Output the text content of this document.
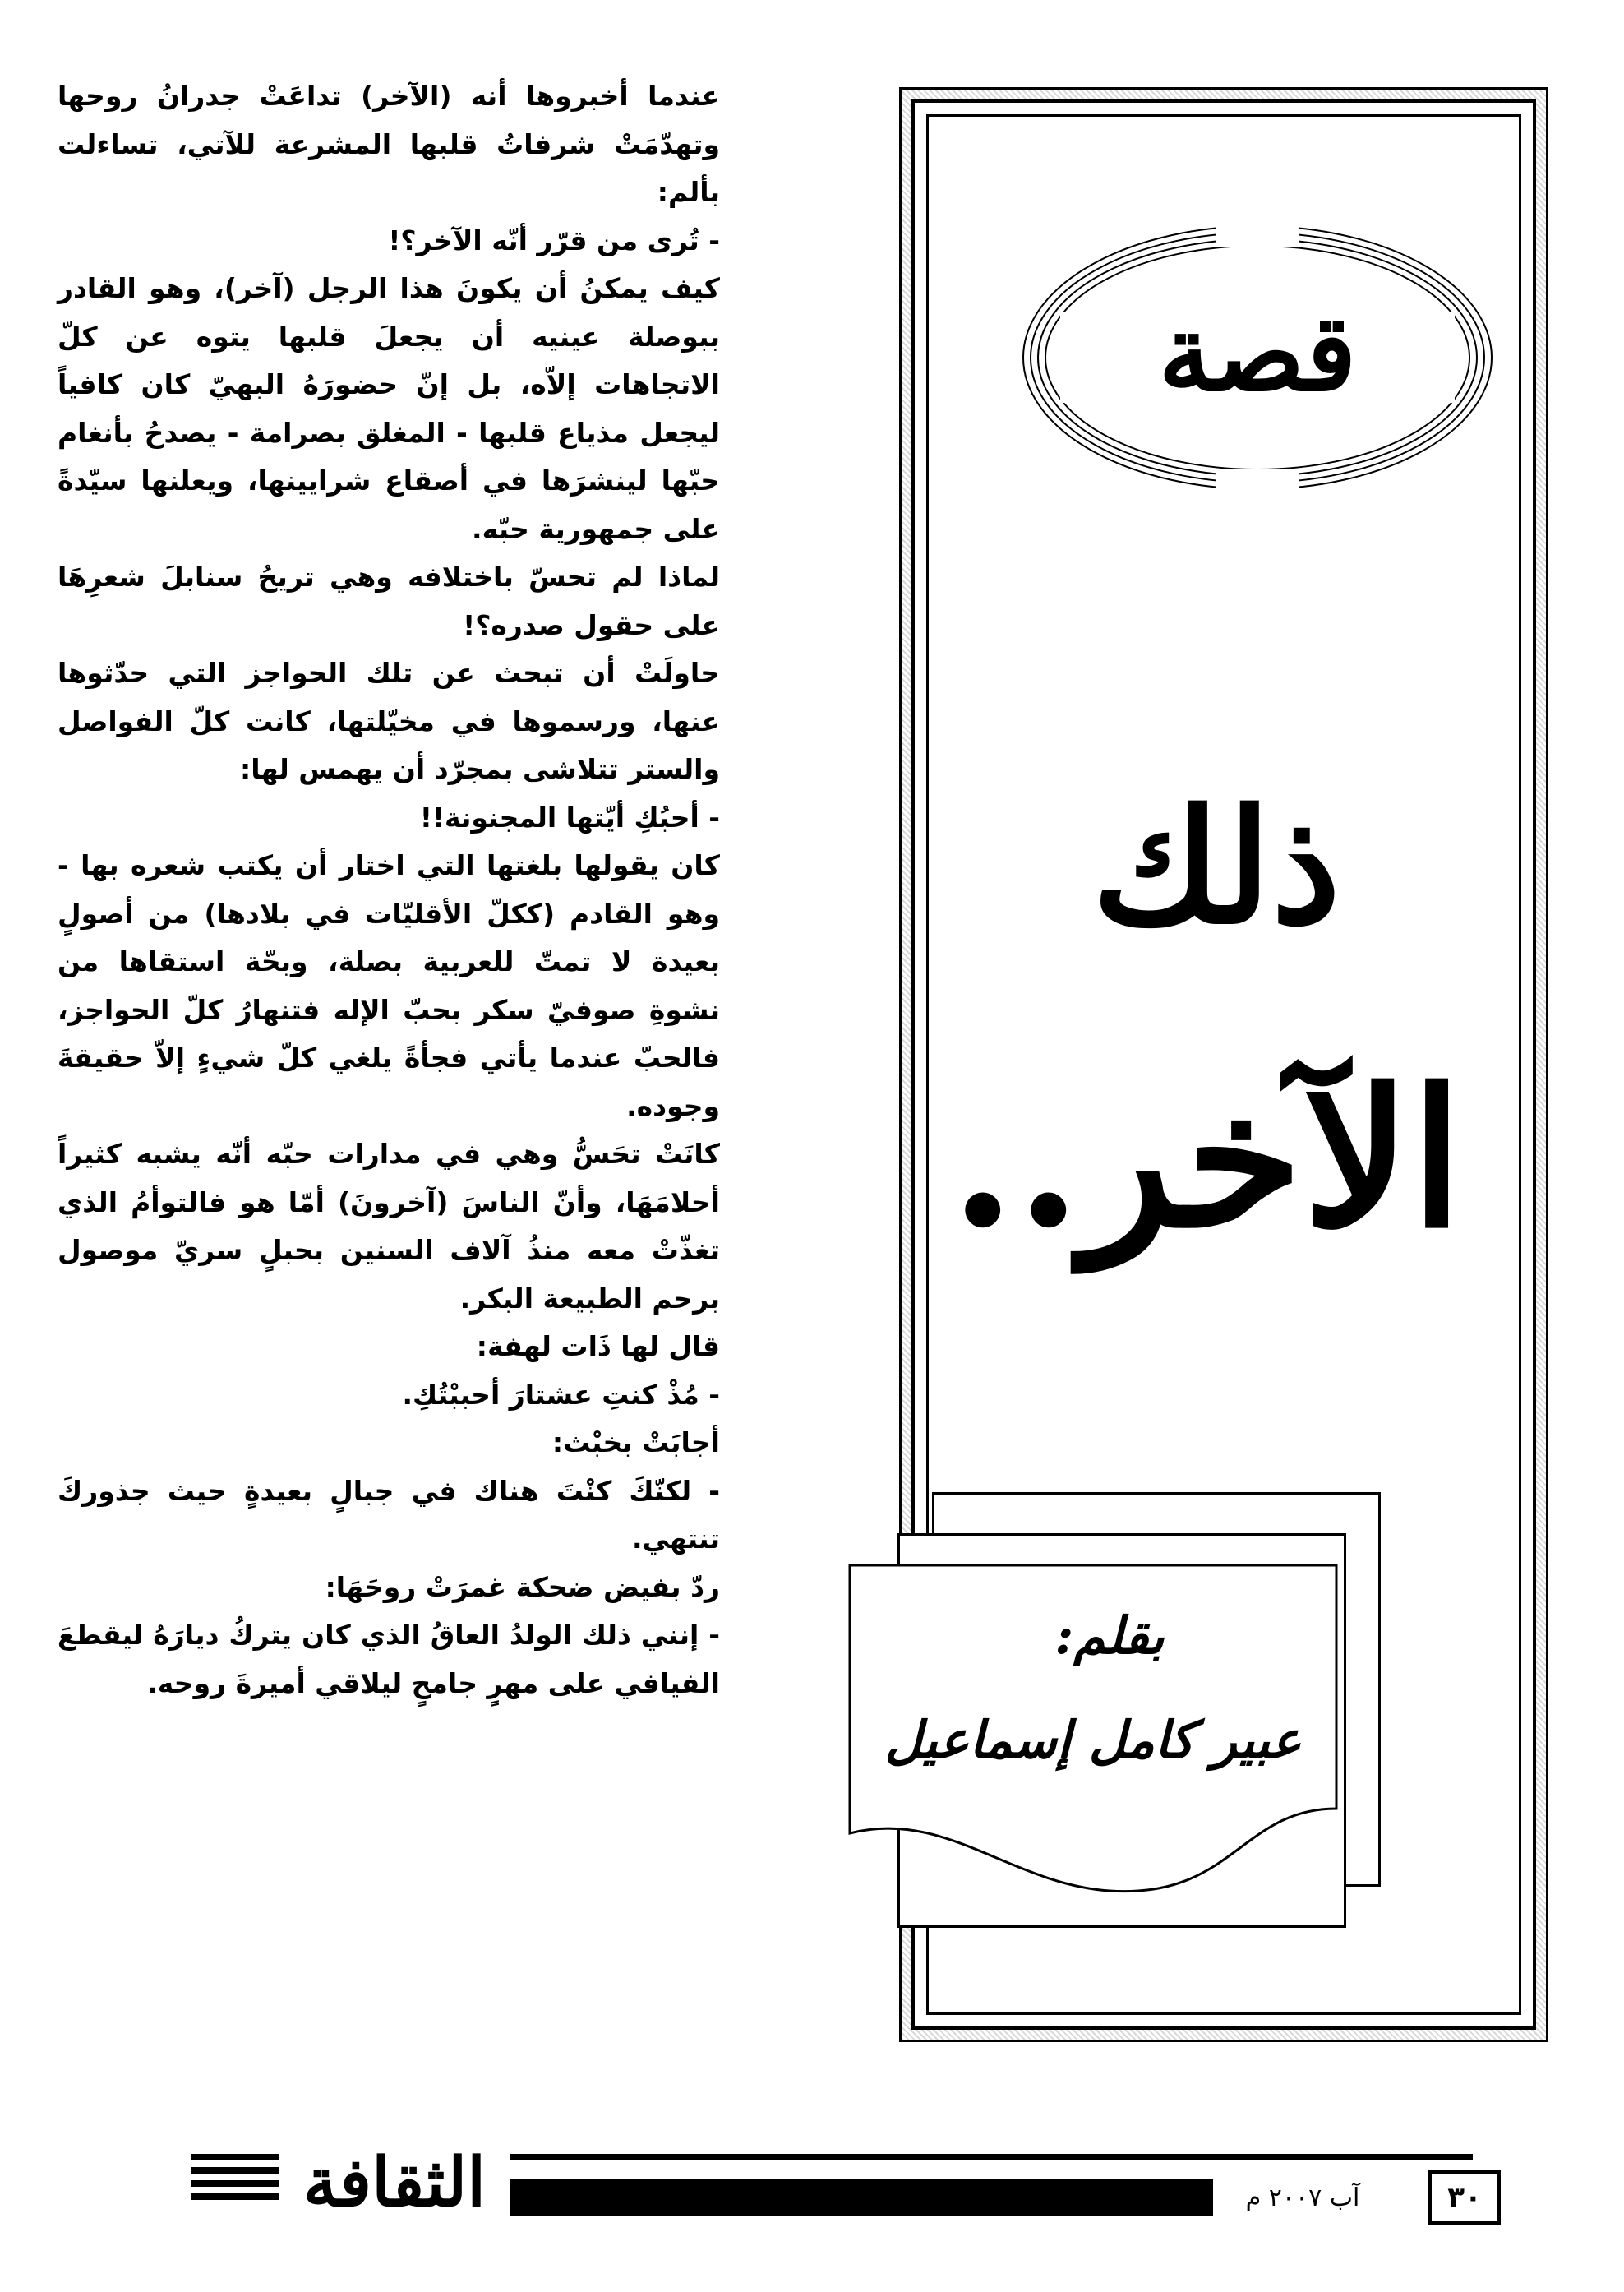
عندما أخبروها أنه (الآخر) تداعَتْ جدرانُ روحها وتهدّمَتْ شرفاتُ قلبها المشرعة للآتي، تساءلت بألم:

- تُرى من قرّر أنّه الآخر؟!

كيف يمكنُ أن يكونَ هذا الرجل (آخر)، وهو القادر ببوصلة عينيه أن يجعلَ قلبها يتوه عن كلّ الاتجاهات إلاّه، بل إنّ حضورَهُ البهيّ كان كافياً ليجعل مذياع قلبها - المغلق بصرامة - يصدحُ بأنغام حبّها لينشرَها في أصقاع شرايينها، ويعلنها سيّدةً على جمهورية حبّه.

لماذا لم تحسّ باختلافه وهي تريحُ سنابلَ شعرِهَا على حقول صدره؟!

حاولَتْ أن تبحث عن تلك الحواجز التي حدّثوها عنها، ورسموها في مخيّلتها، كانت كلّ الفواصل والستر تتلاشى بمجرّد أن يهمس لها:

- أحبُكِ أيّتها المجنونة!!

كان يقولها بلغتها التي اختار أن يكتب شعره بها - وهو القادم (ككلّ الأقليّات في بلادها) من أصولٍ بعيدة لا تمتّ للعربية بصلة، وبحّة استقاها من نشوةِ صوفيّ سكر بحبّ الإله فتنهارُ كلّ الحواجز، فالحبّ عندما يأتي فجأةً يلغي كلّ شيءٍ إلاّ حقيقةَ وجوده.

كانَتْ تحَسُّ وهي في مدارات حبّه أنّه يشبه كثيراً أحلامَهَا، وأنّ الناسَ (آخرونَ) أمّا هو فالتوأمُ الذي تغذّتْ معه منذُ آلاف السنين بحبلٍ سريّ موصول برحم الطبيعة البكر.

قال لها ذَات لهفة:

- مُذْ كنتِ عشتارَ أحببْتُكِ.

أجابَتْ بخبْث:

- لكنّكَ كنْتَ هناك في جبالٍ بعيدةٍ حيث جذوركَ تنتهي.

ردّ بفيض ضحكة غمرَتْ روحَهَا:

- إنني ذلك الولدُ العاقُ الذي كان يتركُ ديارَهُ ليقطعَ الفيافي على مهرٍ جامحٍ ليلاقي أميرةَ روحه.

قصة
ذلك
الآخر..
بقلم:
عبير كامل إسماعيل
الثقافة	آب ٢٠٠٧ م	٣٠
